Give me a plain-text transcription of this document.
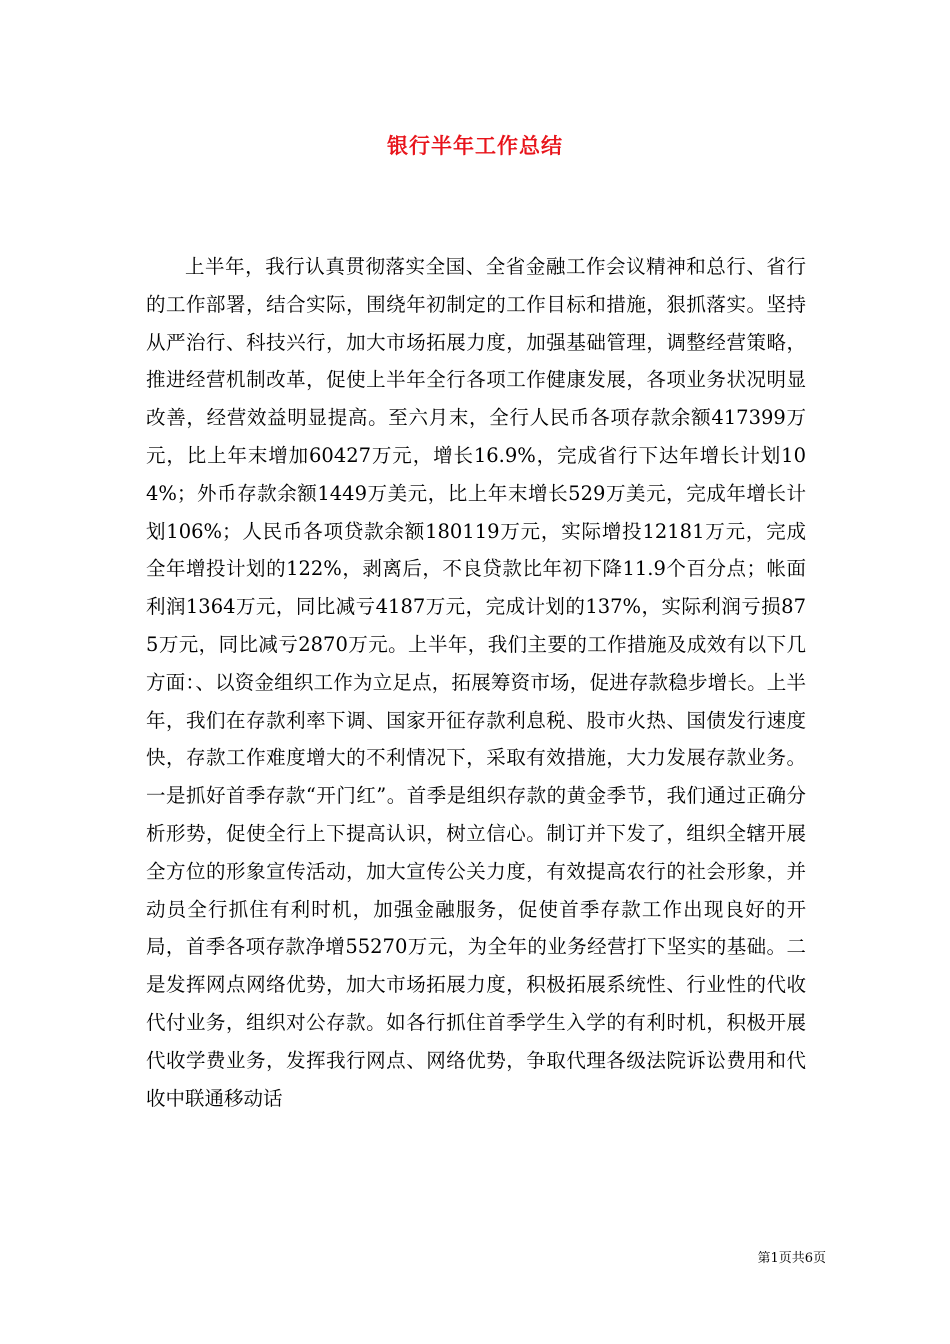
银行半年工作总结

上半年，我行认真贯彻落实全国、全省金融工作会议精神和总行、省行的工作部署，结合实际，围绕年初制定的工作目标和措施，狠抓落实。坚持从严治行、科技兴行，加大市场拓展力度，加强基础管理，调整经营策略，推进经营机制改革，促使上半年全行各项工作健康发展，各项业务状况明显改善，经营效益明显提高。至六月末，全行人民币各项存款余额417399万元，比上年末增加60427万元，增长16.9%，完成省行下达年增长计划104%；外币存款余额1449万美元，比上年末增长529万美元，完成年增长计划106%；人民币各项贷款余额180119万元，实际增投12181万元，完成全年增投计划的122%，剥离后，不良贷款比年初下降11.9个百分点；帐面利润1364万元，同比减亏4187万元，完成计划的137%，实际利润亏损875万元，同比减亏2870万元。上半年，我们主要的工作措施及成效有以下几方面：、以资金组织工作为立足点，拓展筹资市场，促进存款稳步增长。上半年，我们在存款利率下调、国家开征存款利息税、股市火热、国债发行速度快，存款工作难度增大的不利情况下，采取有效措施，大力发展存款业务。一是抓好首季存款“开门红”。首季是组织存款的黄金季节，我们通过正确分析形势，促使全行上下提高认识，树立信心。制订并下发了，组织全辖开展全方位的形象宣传活动，加大宣传公关力度，有效提高农行的社会形象，并动员全行抓住有利时机，加强金融服务，促使首季存款工作出现良好的开局，首季各项存款净增55270万元，为全年的业务经营打下坚实的基础。二是发挥网点网络优势，加大市场拓展力度，积极拓展系统性、行业性的代收代付业务，组织对公存款。如各行抓住首季学生入学的有利时机，积极开展代收学费业务，发挥我行网点、网络优势，争取代理各级法院诉讼费用和代收中联通移动话

第1页共6页
